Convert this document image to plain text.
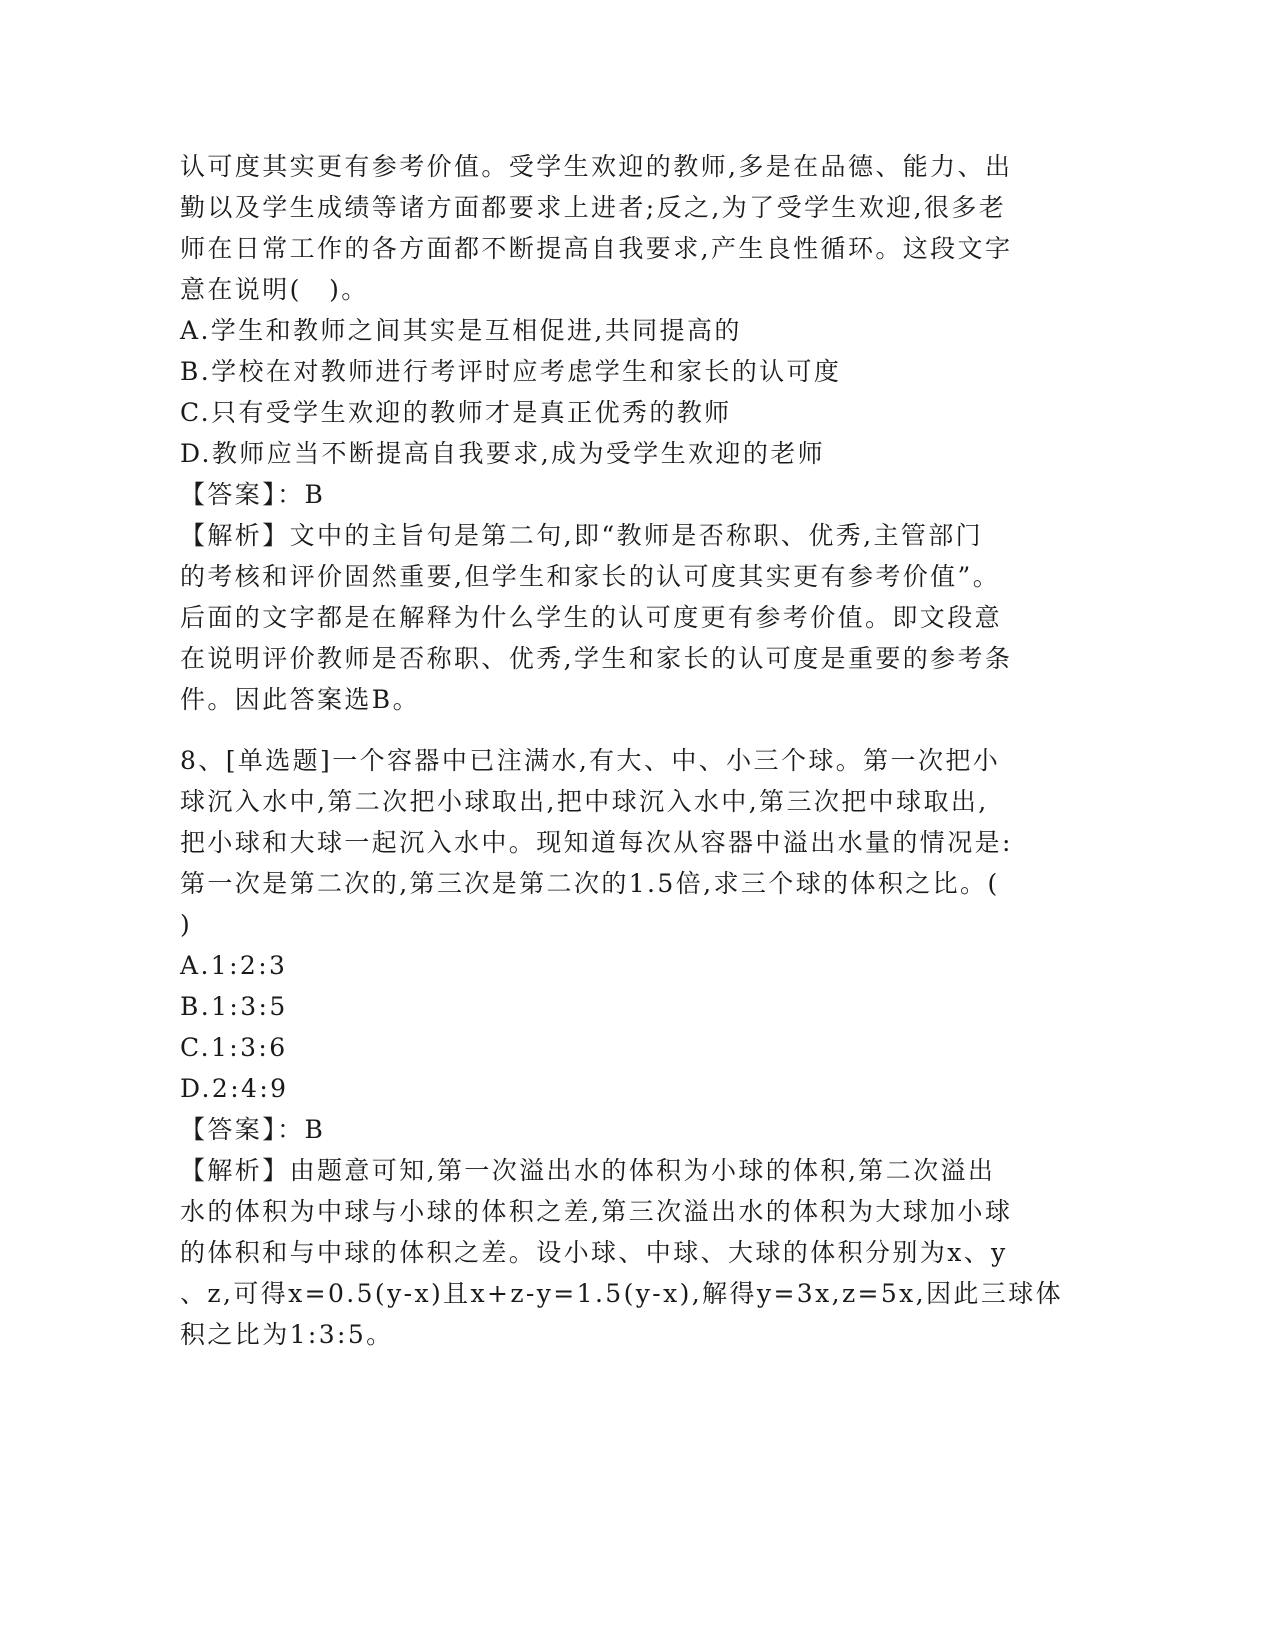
认可度其实更有参考价值。受学生欢迎的教师,多是在品德、能力、出
勤以及学生成绩等诸方面都要求上进者;反之,为了受学生欢迎,很多老
师在日常工作的各方面都不断提高自我要求,产生良性循环。这段文字
意在说明(　)。
A.学生和教师之间其实是互相促进,共同提高的
B.学校在对教师进行考评时应考虑学生和家长的认可度
C.只有受学生欢迎的教师才是真正优秀的教师
D.教师应当不断提高自我要求,成为受学生欢迎的老师
【答案】：B
【解析】文中的主旨句是第二句,即“教师是否称职、优秀,主管部门
的考核和评价固然重要,但学生和家长的认可度其实更有参考价值”。
后面的文字都是在解释为什么学生的认可度更有参考价值。即文段意
在说明评价教师是否称职、优秀,学生和家长的认可度是重要的参考条
件。因此答案选B。
8、[单选题]一个容器中已注满水,有大、中、小三个球。第一次把小
球沉入水中,第二次把小球取出,把中球沉入水中,第三次把中球取出,
把小球和大球一起沉入水中。现知道每次从容器中溢出水量的情况是:
第一次是第二次的,第三次是第二次的1.5倍,求三个球的体积之比。(
)
A.1:2:3
B.1:3:5
C.1:3:6
D.2:4:9
【答案】：B
【解析】由题意可知,第一次溢出水的体积为小球的体积,第二次溢出
水的体积为中球与小球的体积之差,第三次溢出水的体积为大球加小球
的体积和与中球的体积之差。设小球、中球、大球的体积分别为x、y
、z,可得x=0.5(y-x)且x+z-y=1.5(y-x),解得y=3x,z=5x,因此三球体
积之比为1:3:5。
